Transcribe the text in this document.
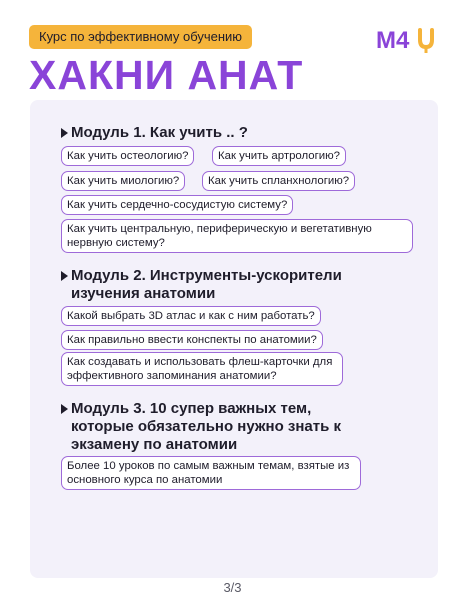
Курс по эффективному обучению	M4
ХАКНИ АНАТ
Модуль 1. Как учить .. ?
Как учить остеологию?	Как учить артрологию?
Как учить миологию?	Как учить спланхнологию?
Как учить сердечно-сосудистую систему?
Как учить центральную, периферическую и вегетативную нервную систему?
Модуль 2. Инструменты-ускорители изучения анатомии
Какой выбрать 3D атлас и как с ним работать?
Как правильно ввести конспекты по анатомии?
Как создавать и использовать флеш-карточки для эффективного запоминания анатомии?
Модуль 3. 10 супер важных тем, которые обязательно нужно знать к экзамену по анатомии
Более 10 уроков по самым важным темам, взятые из основного курса по анатомии
3/3
